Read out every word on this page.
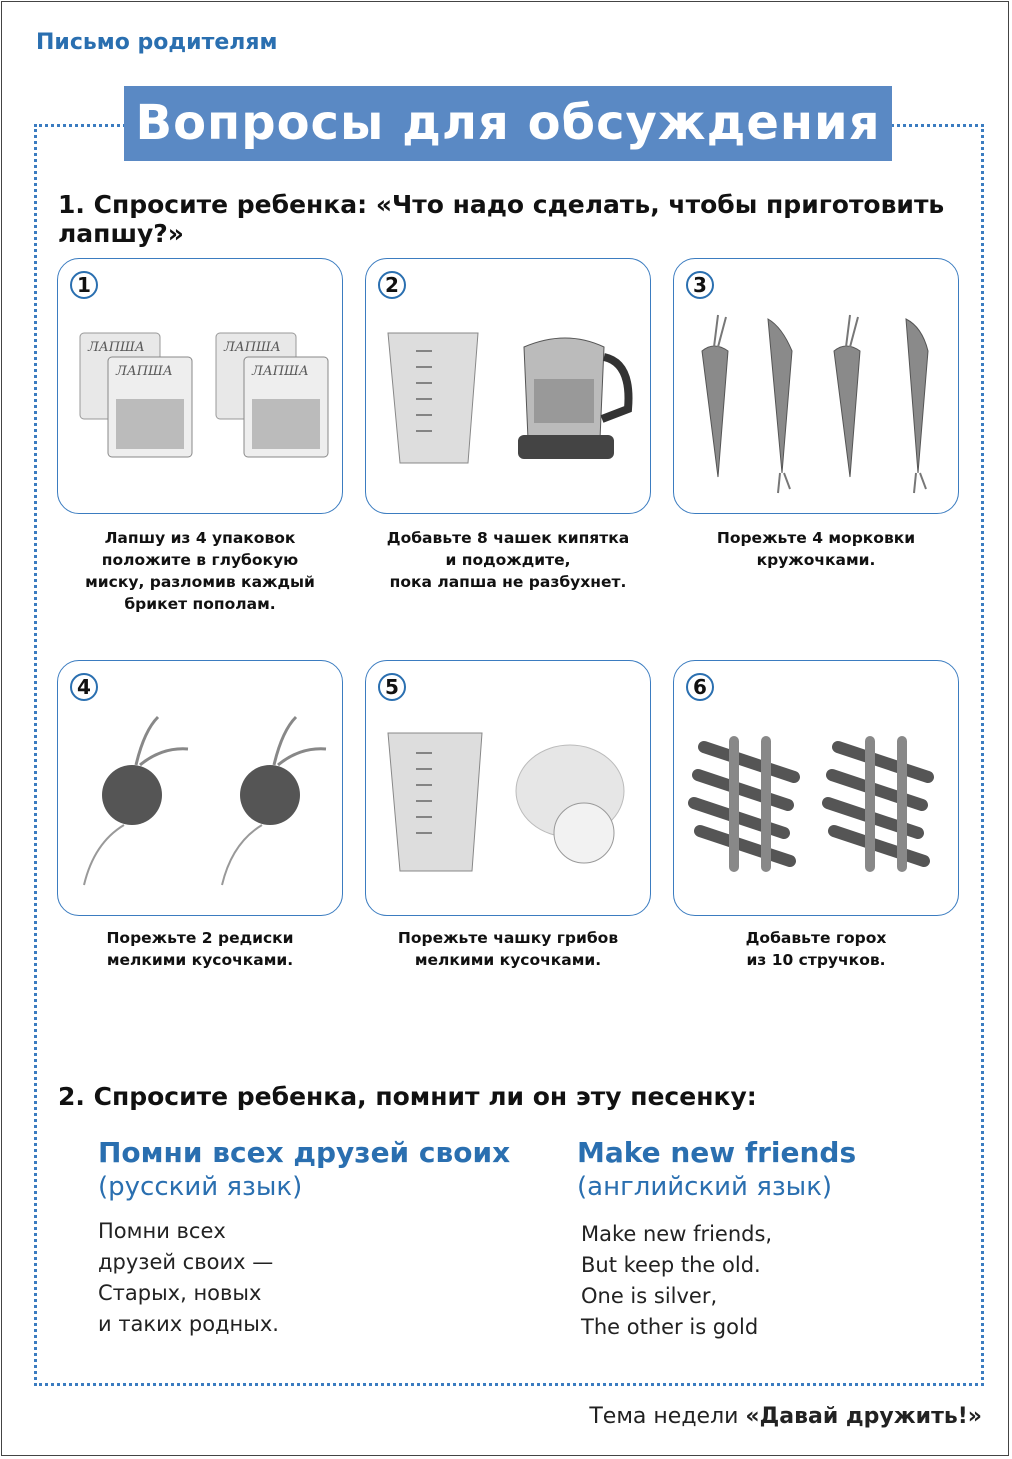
Письмо родителям
Вопросы для обсуждения
1. Спросите ребенка: «Что надо сделать, чтобы приготовить лапшу?»
ЛАПША
ЛАПША
ЛАПША
ЛАПША
1	2	3
4	5	6
Лапшу из 4 упаковок
положите в глубокую
миску, разломив каждый
брикет пополам.
Добавьте 8 чашек кипятка
и подождите,
пока лапша не разбухнет.
Порежьте 4 морковки
кружочками.
Порежьте 2 редиски
мелкими кусочками.
Порежьте чашку грибов
мелкими кусочками.
Добавьте горох
из 10 стручков.
2. Спросите ребенка, помнит ли он эту песенку:
Помни всех друзей своих
(русский язык)
Помни всех
друзей своих —
Старых, новых
и таких родных.
Make new friends
(английский язык)
Make new friends,
But keep the old.
One is silver,
The other is gold
Тема недели «Давай дружить!»
